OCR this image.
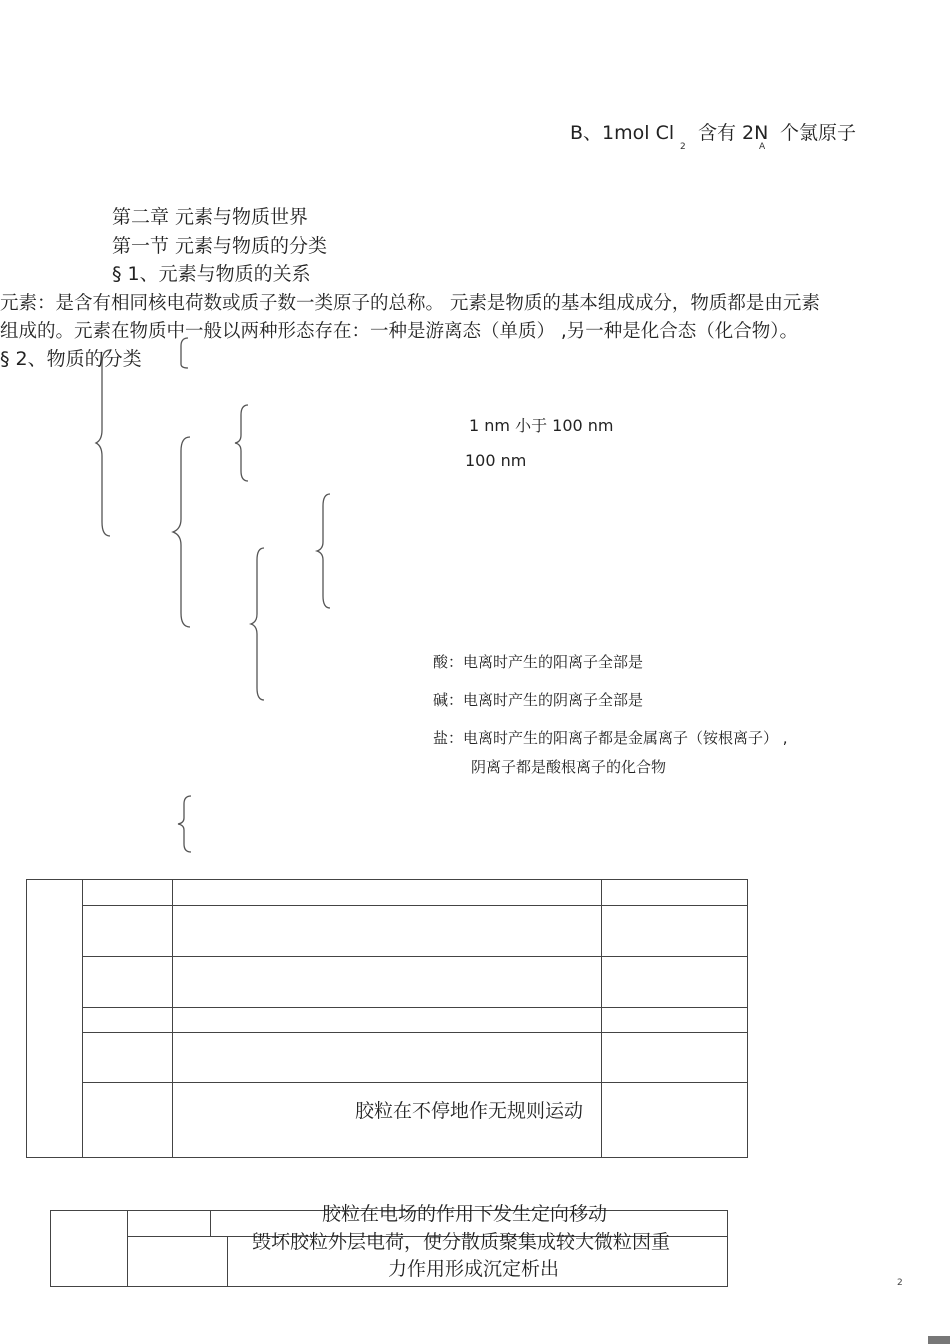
B、1mol Cl
2
含有 2N
A
个氯原子
第二章 元素与物质世界
第一节 元素与物质的分类
§ 1、元素与物质的关系
元素：是含有相同核电荷数或质子数一类原子的总称。 元素是物质的基本组成成分，物质都是由元素
组成的。元素在物质中一般以两种形态存在：一种是游离态（单质） ,另一种是化合态（化合物）。
§ 2、物质的分类
1 nm 小于 100 nm
100 nm
酸：电离时产生的阳离子全部是
碱：电离时产生的阴离子全部是
盐：电离时产生的阳离子都是金属离子（铵根离子） ,
阴离子都是酸根离子的化合物
胶粒在不停地作无规则运动
胶粒在电场的作用下发生定向移动
毁坏胶粒外层电荷，使分散质聚集成较大微粒因重
力作用形成沉定析出
2
